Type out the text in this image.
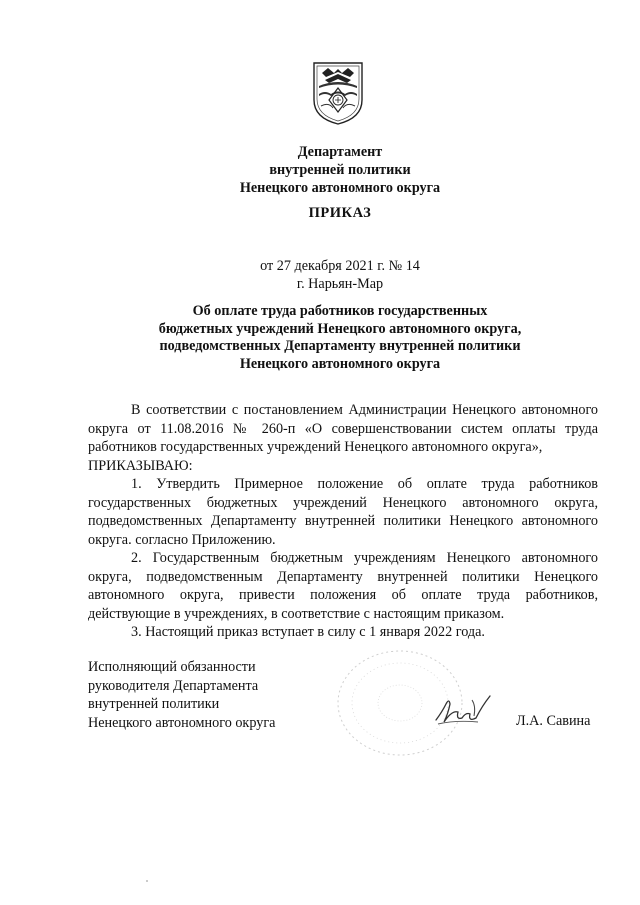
Департамент
внутренней политики
Ненецкого автономного округа
ПРИКАЗ
от 27 декабря 2021 г. № 14
г. Нарьян-Мар
Об оплате труда работников государственных
бюджетных учреждений Ненецкого автономного округа,
подведомственных Департаменту внутренней политики
Ненецкого автономного округа

В соответствии с постановлением Администрации Ненецкого автономного округа от 11.08.2016 № 260-п «О совершенствовании систем оплаты труда работников государственных учреждений Ненецкого автономного округа»,

ПРИКАЗЫВАЮ:

1. Утвердить Примерное положение об оплате труда работников государственных бюджетных учреждений Ненецкого автономного округа, подведомственных Департаменту внутренней политики Ненецкого автономного округа. согласно Приложению.

2. Государственным бюджетным учреждениям Ненецкого автономного округа, подведомственным Департаменту внутренней политики Ненецкого автономного округа, привести положения об оплате труда работников, действующие в учреждениях, в соответствие с настоящим приказом.

3. Настоящий приказ вступает в силу с 1 января 2022 года.

Исполняющий обязанности
руководителя Департамента
внутренней политики
Ненецкого автономного округа	Л.А. Савина
